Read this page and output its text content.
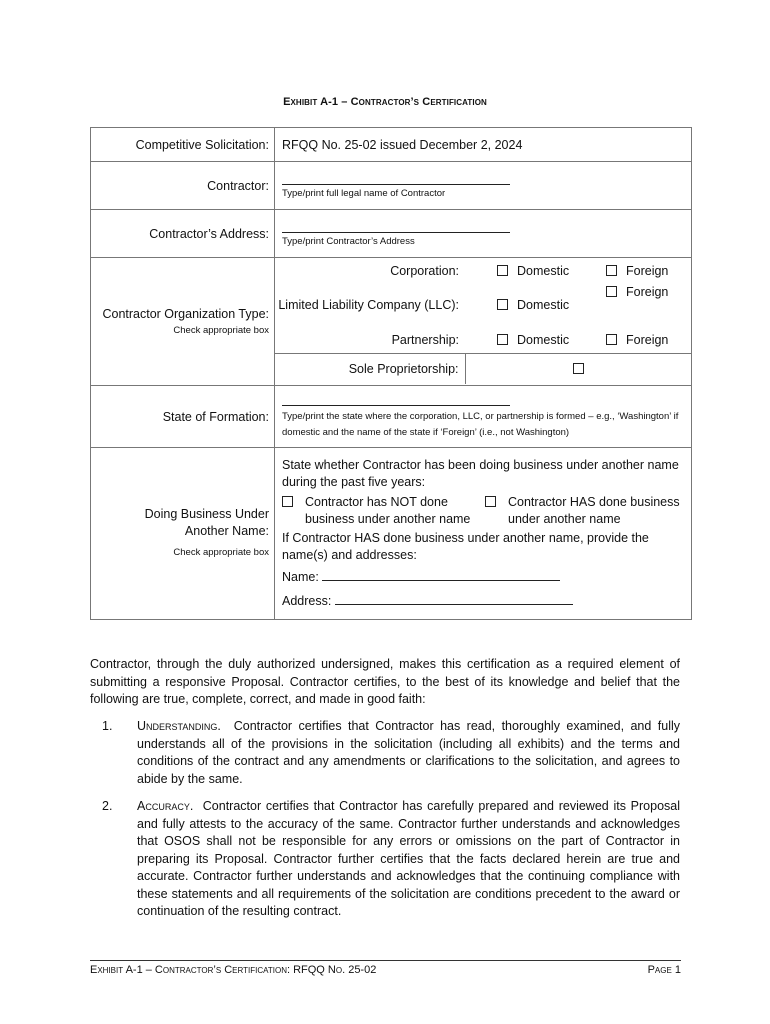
Exhibit A-1 – Contractor’s Certification
Competitive Solicitation:	RFQQ No. 25-02 issued December 2, 2024
Contractor:	
Type/print full legal name of Contractor

Contractor’s Address:	
Type/print Contractor’s Address

Contractor Organization Type:
Check appropriate box

Corporation:	Domestic	Foreign
Limited Liability Company (LLC):	Domestic	Foreign
Partnership:	Domestic	Foreign
Sole Proprietorship:	

State of Formation:	Type/print the state where the corporation, LLC, or partnership is formed – e.g., ‘Washington’ if domestic and the name of the state if ‘Foreign’ (i.e., not Washington)

Doing Business Under Another Name:
Check appropriate box

State whether Contractor has been doing business under another name during the past five years:
Contractor has NOT done business under another name
Contractor HAS done business under another name
If Contractor HAS done business under another name, provide the name(s) and addresses:
Name:
Address:
Contractor, through the duly authorized undersigned, makes this certification as a required element of submitting a responsive Proposal. Contractor certifies, to the best of its knowledge and belief that the following are true, complete, correct, and made in good faith:
1. Understanding. Contractor certifies that Contractor has read, thoroughly examined, and fully understands all of the provisions in the solicitation (including all exhibits) and the terms and conditions of the contract and any amendments or clarifications to the solicitation, and agrees to abide by the same.
2. Accuracy. Contractor certifies that Contractor has carefully prepared and reviewed its Proposal and fully attests to the accuracy of the same. Contractor further understands and acknowledges that OSOS shall not be responsible for any errors or omissions on the part of Contractor in preparing its Proposal. Contractor further certifies that the facts declared herein are true and accurate. Contractor further understands and acknowledges that the continuing compliance with these statements and all requirements of the solicitation are conditions precedent to the award or continuation of the resulting contract.
Exhibit A-1 – Contractor’s Certification: RFQQ No. 25-02	Page 1
